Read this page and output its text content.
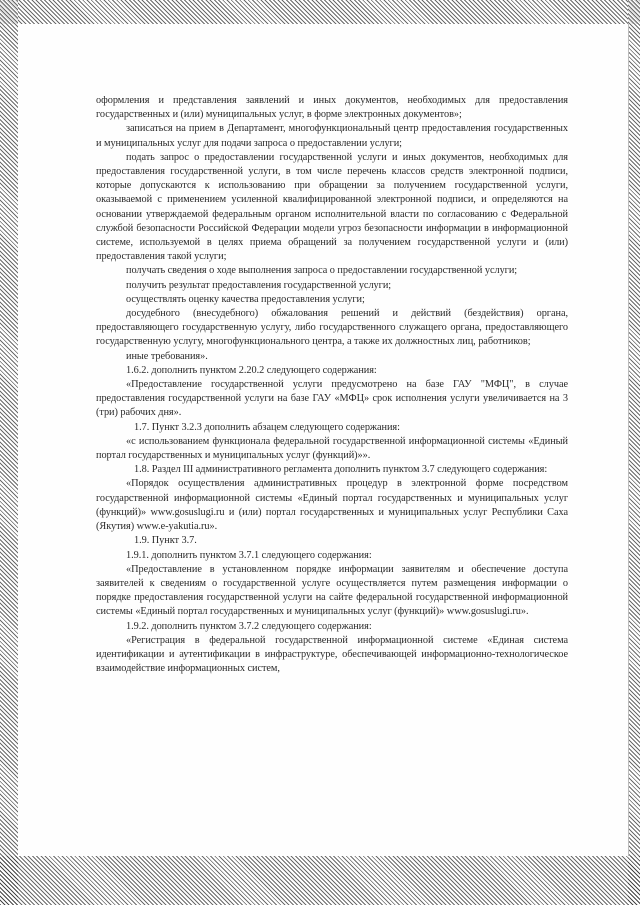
оформления и представления заявлений и иных документов, необходимых для предоставления государственных и (или) муниципальных услуг, в форме электронных документов»;

записаться на прием в Департамент, многофункциональный центр предоставления государственных и муниципальных услуг для подачи запроса о предоставлении услуги;

подать запрос о предоставлении государственной услуги и иных документов, необходимых для предоставления государственной услуги, в том числе перечень классов средств электронной подписи, которые допускаются к использованию при обращении за получением государственной услуги, оказываемой с применением усиленной квалифицированной электронной подписи, и определяются на основании утверждаемой федеральным органом исполнительной власти по согласованию с Федеральной службой безопасности Российской Федерации модели угроз безопасности информации в информационной системе, используемой в целях приема обращений за получением государственной услуги и (или) предоставления такой услуги;

получать сведения о ходе выполнения запроса о предоставлении государственной услуги;

получить результат предоставления государственной услуги;

осуществлять оценку качества предоставления услуги;

досудебного (внесудебного) обжалования решений и действий (бездействия) органа, предоставляющего государственную услугу, либо государственного служащего органа, предоставляющего государственную услугу, многофункционального центра, а также их должностных лиц, работников;

иные требования».

1.6.2. дополнить пунктом 2.20.2 следующего содержания:

«Предоставление государственной услуги предусмотрено на базе ГАУ "МФЦ", в случае предоставления государственной услуги на базе ГАУ «МФЦ» срок исполнения услуги увеличивается на 3 (три) рабочих дня».

1.7. Пункт 3.2.3 дополнить абзацем следующего содержания:

«с использованием функционала федеральной государственной информационной системы «Единый портал государственных и муниципальных услуг (функций)»».

1.8. Раздел III административного регламента дополнить пунктом 3.7 следующего содержания:

«Порядок осуществления административных процедур в электронной форме посредством государственной информационной системы «Единый портал государственных и муниципальных услуг (функций)» www.gosuslugi.ru и (или) портал государственных и муниципальных услуг Республики Саха (Якутия) www.e-yakutia.ru».

1.9. Пункт 3.7.

1.9.1. дополнить пунктом 3.7.1 следующего содержания:

«Предоставление в установленном порядке информации заявителям и обеспечение доступа заявителей к сведениям о государственной услуге осуществляется путем размещения информации о порядке предоставления государственной услуги на сайте федеральной государственной информационной системы «Единый портал государственных и муниципальных услуг (функций)» www.gosuslugi.ru».

1.9.2. дополнить пунктом 3.7.2 следующего содержания:

«Регистрация в федеральной государственной информационной системе «Единая система идентификации и аутентификации в инфраструктуре, обеспечивающей информационно-технологическое взаимодействие информационных систем,
